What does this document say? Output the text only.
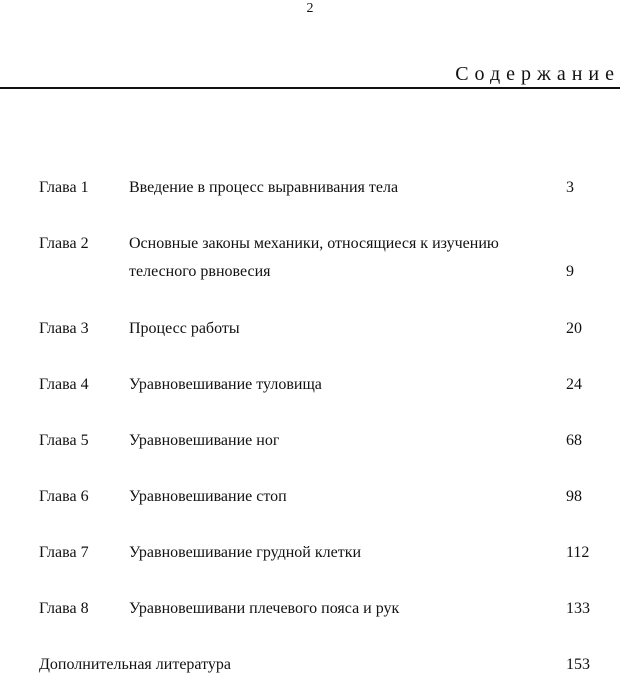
2
Содержание
Глава 1	Введение в процесс выравнивания тела	3
Глава 2	Основные законы механики, относящиеся к изучению телесного рвновесия	9
Глава 3	Процесс работы	20
Глава 4	Уравновешивание туловища	24
Глава 5	Уравновешивание ног	68
Глава 6	Уравновешивание стоп	98
Глава 7	Уравновешивание грудной клетки	112
Глава 8	Уравновешивани плечевого пояса и рук	133
Дополнительная литература	153
